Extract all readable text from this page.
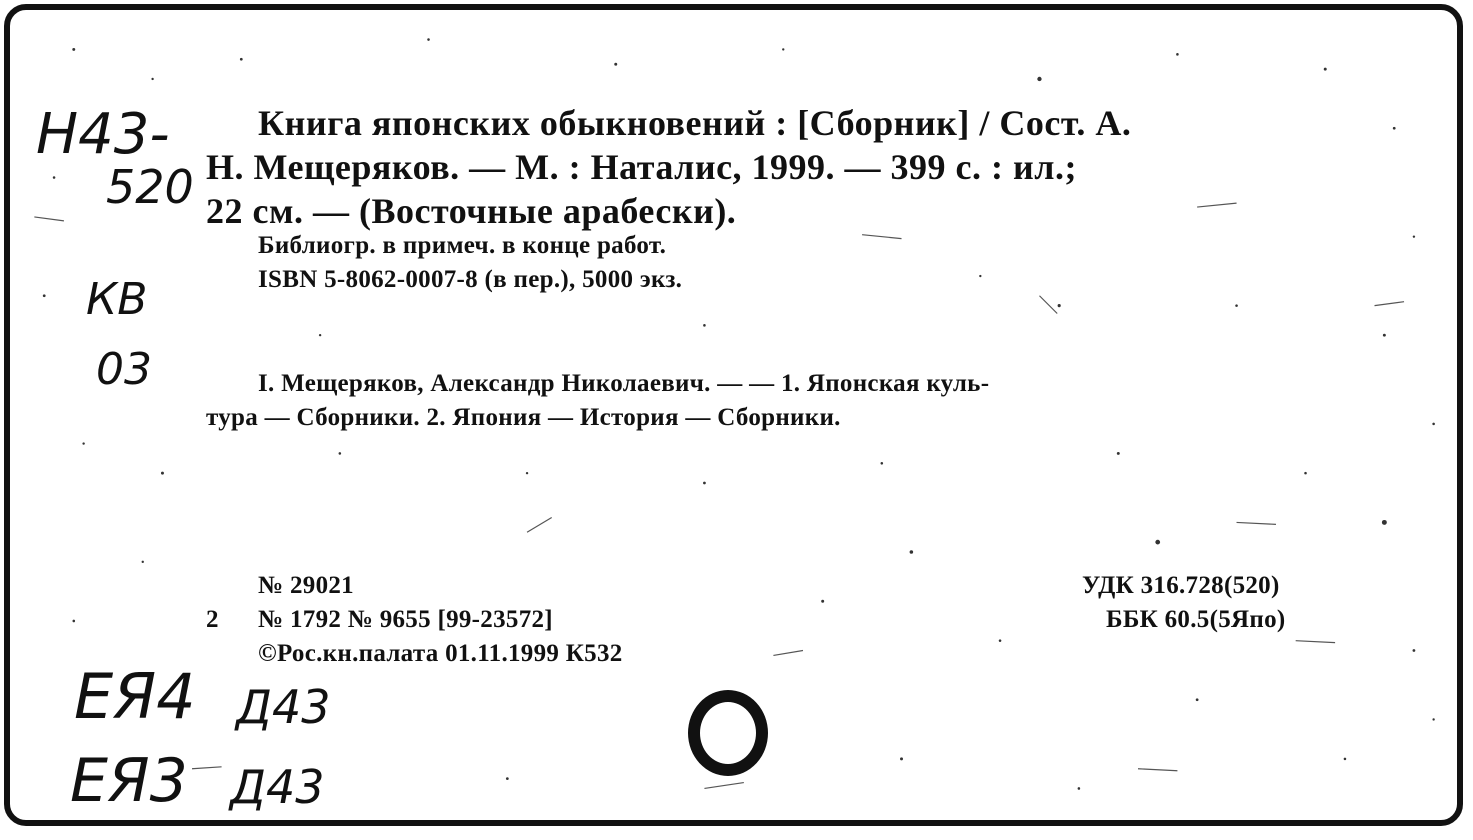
Книга японских обыкновений : [Сборник] / Сост. А.
Н. Мещеряков. — М. : Наталис, 1999. — 399 с. : ил.;
22 см. — (Восточные арабески).
Библиогр. в примеч. в конце работ.
ISBN 5-8062-0007-8 (в пер.), 5000 экз.
I. Мещеряков, Александр Николаевич. — — 1. Японская куль-
тура — Сборники. 2. Япония — История — Сборники.
№ 29021
2 № 1792 № 9655 [99-23572]
©Рос.кн.палата 01.11.1999 К532
УДК 316.728(520)
ББК 60.5(5Япо)
Н43-
520
КВ
03
ЕЯ4 Д43
ЕЯ3 Д43
